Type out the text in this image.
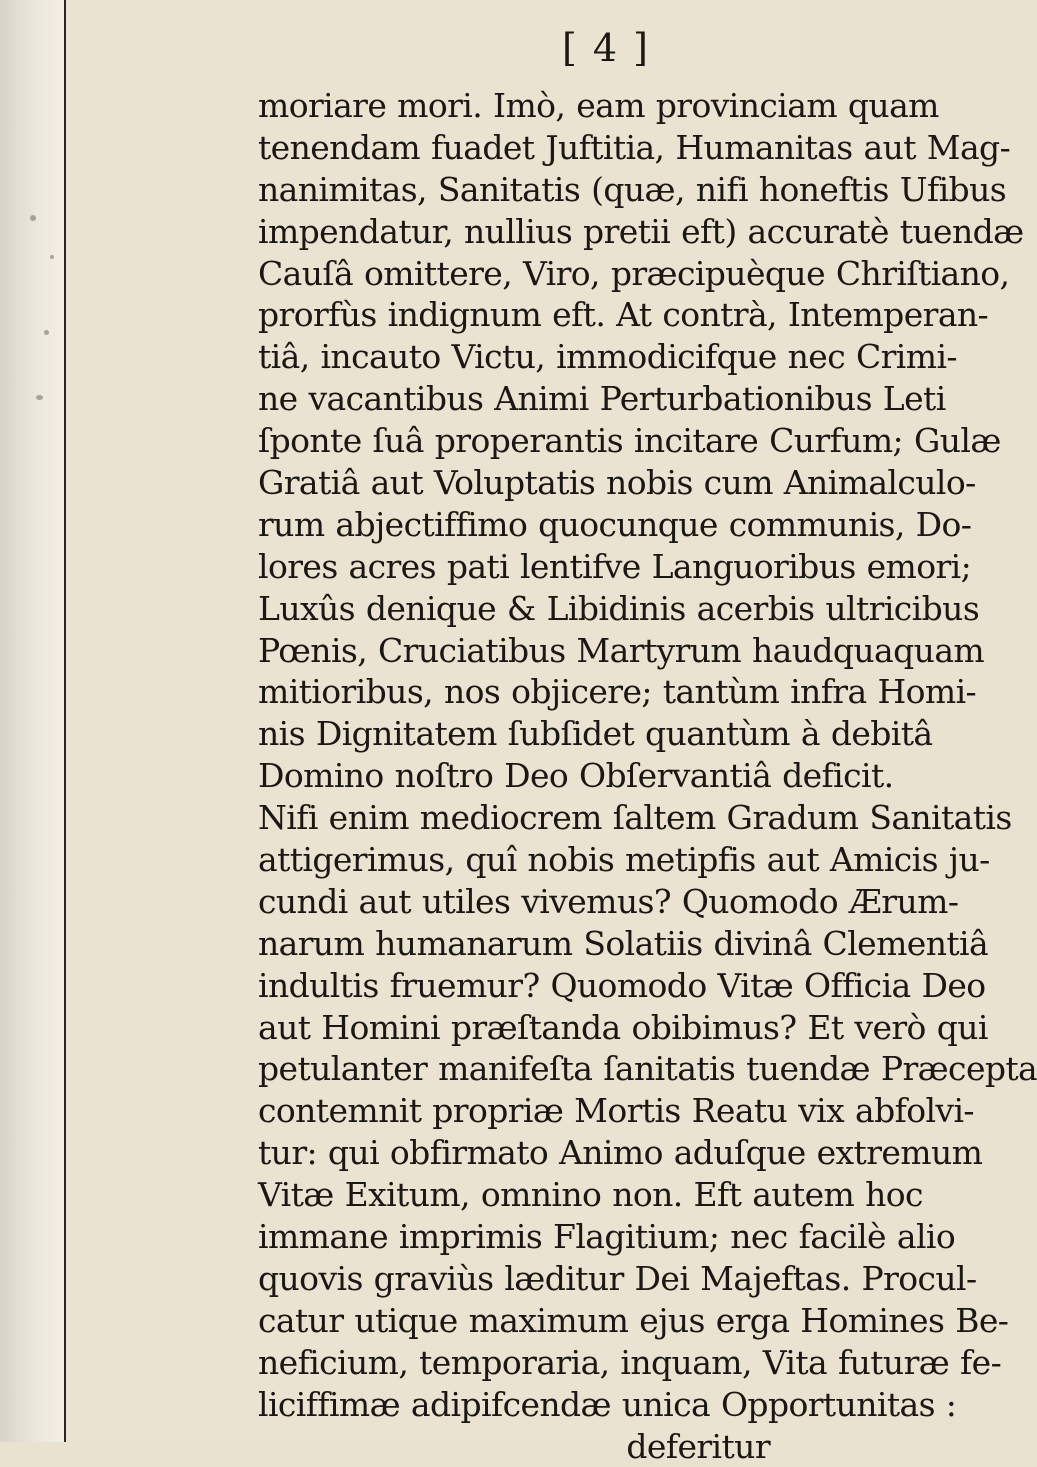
[ 4 ]
moriare mori. Imò, eam provinciam quam
tenendam fuadet Juftitia, Humanitas aut Mag-
nanimitas, Sanitatis (quæ, nifi honeftis Ufibus
impendatur, nullius pretii eft) accuratè tuendæ
Cauſâ omittere, Viro, præcipuèque Chriſtiano,
prorfùs indignum eft. At contrà, Intemperan-
tiâ, incauto Victu, immodicifque nec Crimi-
ne vacantibus Animi Perturbationibus Leti
ſponte ſuâ properantis incitare Curfum; Gulæ
Gratiâ aut Voluptatis nobis cum Animalculo-
rum abjectiffimo quocunque communis, Do-
lores acres pati lentifve Languoribus emori;
Luxûs denique & Libidinis acerbis ultricibus
Pœnis, Cruciatibus Martyrum haudquaquam
mitioribus, nos objicere; tantùm infra Homi-
nis Dignitatem ſubſidet quantùm à debitâ
Domino noſtro Deo Obſervantiâ deficit.
Nifi enim mediocrem ſaltem Gradum Sanitatis
attigerimus, quî nobis metipfis aut Amicis ju-
cundi aut utiles vivemus? Quomodo Ærum-
narum humanarum Solatiis divinâ Clementiâ
indultis fruemur? Quomodo Vitæ Officia Deo
aut Homini præſtanda obibimus? Et verò qui
petulanter manifeſta ſanitatis tuendæ Præcepta
contemnit propriæ Mortis Reatu vix abfolvi-
tur: qui obfirmato Animo aduſque extremum
Vitæ Exitum, omnino non. Eft autem hoc
immane imprimis Flagitium; nec facilè alio
quovis graviùs læditur Dei Majeftas. Procul-
catur utique maximum ejus erga Homines Be-
neficium, temporaria, inquam, Vita futuræ fe-
liciffimæ adipifcendæ unica Opportunitas :
deferitur
